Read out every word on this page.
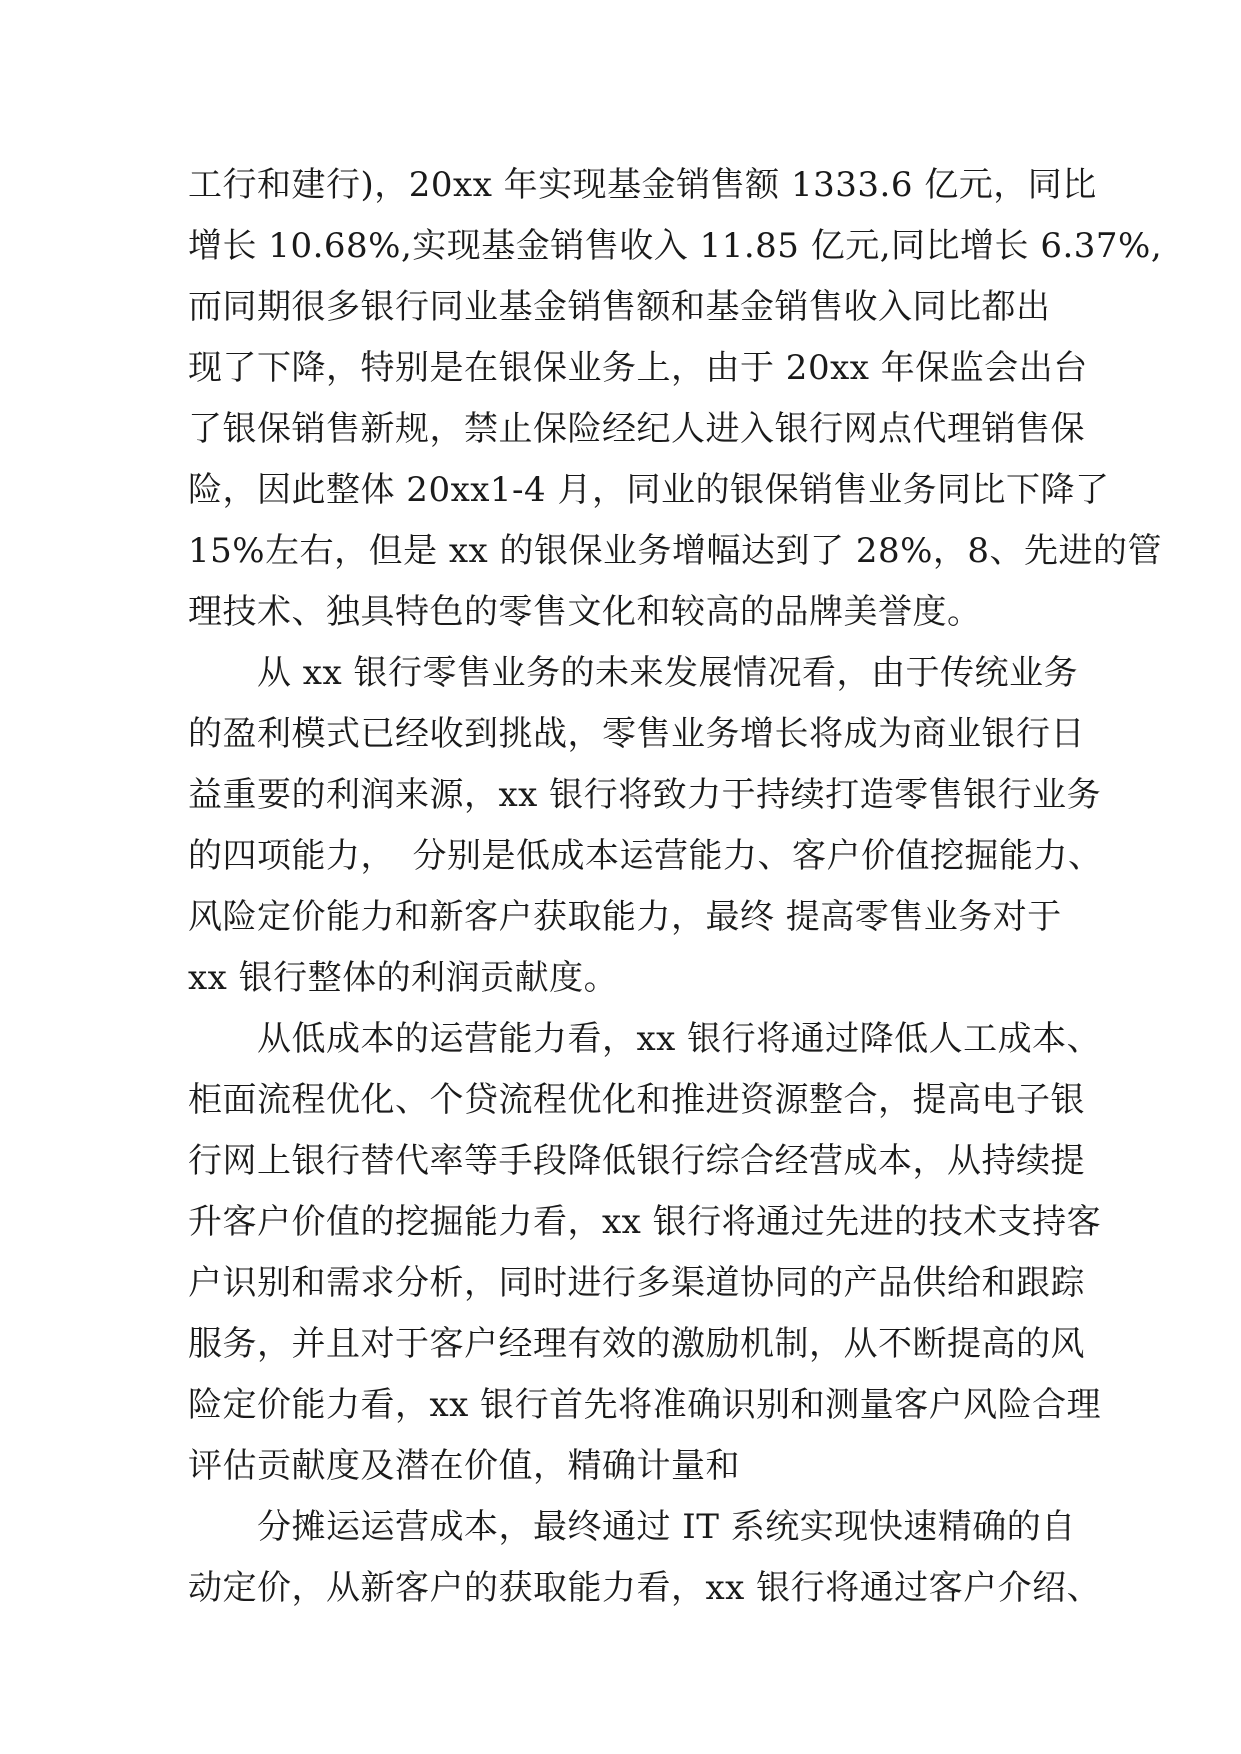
工行和建行)，20xx 年实现基金销售额 1333.6 亿元，同比
增长 10.68%,实现基金销售收入 11.85 亿元,同比增长 6.37%,
而同期很多银行同业基金销售额和基金销售收入同比都出
现了下降，特别是在银保业务上，由于 20xx 年保监会出台
了银保销售新规，禁止保险经纪人进入银行网点代理销售保
险，因此整体 20xx1-4 月，同业的银保销售业务同比下降了
15%左右，但是 xx 的银保业务增幅达到了 28%，8、先进的管
理技术、独具特色的零售文化和较高的品牌美誉度。
　　从 xx 银行零售业务的未来发展情况看，由于传统业务
的盈利模式已经收到挑战，零售业务增长将成为商业银行日
益重要的利润来源，xx 银行将致力于持续打造零售银行业务
的四项能力，　分别是低成本运营能力、客户价值挖掘能力、
风险定价能力和新客户获取能力，最终 提高零售业务对于
xx 银行整体的利润贡献度。
　　从低成本的运营能力看，xx 银行将通过降低人工成本、
柜面流程优化、个贷流程优化和推进资源整合，提高电子银
行网上银行替代率等手段降低银行综合经营成本，从持续提
升客户价值的挖掘能力看，xx 银行将通过先进的技术支持客
户识别和需求分析，同时进行多渠道协同的产品供给和跟踪
服务，并且对于客户经理有效的激励机制，从不断提高的风
险定价能力看，xx 银行首先将准确识别和测量客户风险合理
评估贡献度及潜在价值，精确计量和
　　分摊运运营成本，最终通过 IT 系统实现快速精确的自
动定价，从新客户的获取能力看，xx 银行将通过客户介绍、
